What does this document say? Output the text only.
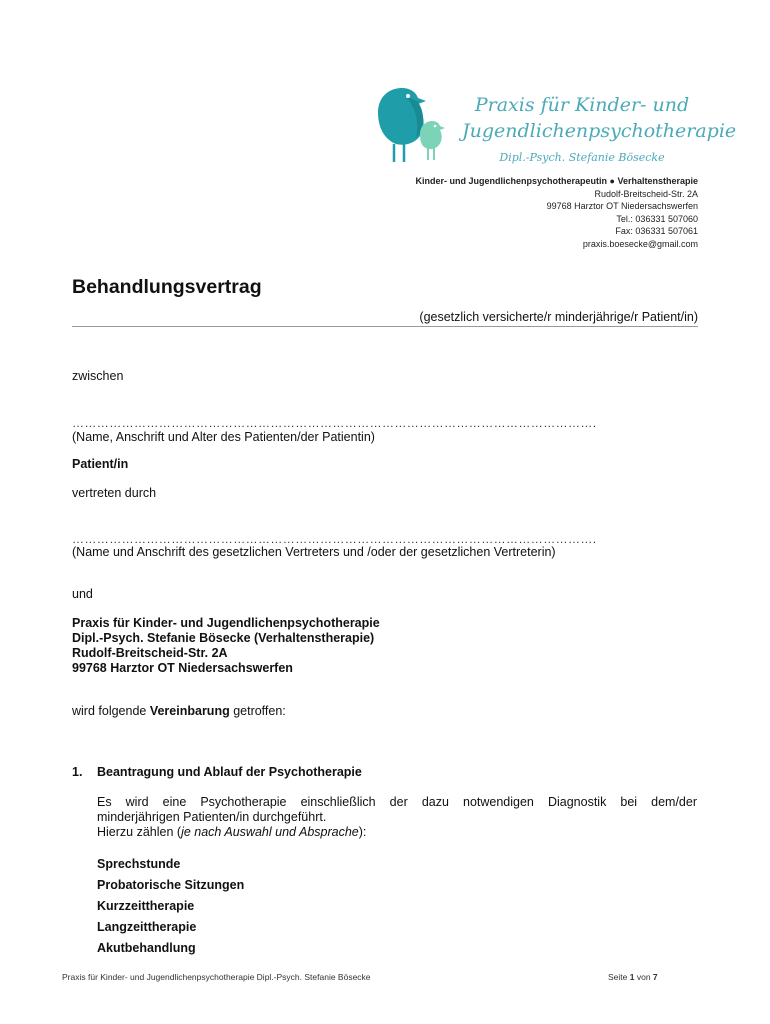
Praxis für Kinder- und
Jugendlichenpsychotherapie
Dipl.-Psych. Stefanie Bösecke
Kinder- und Jugendlichenpsychotherapeutin ● Verhaltenstherapie
Rudolf-Breitscheid-Str. 2A
99768 Harztor OT Niedersachswerfen
Tel.: 036331 507060
Fax: 036331 507061
praxis.boesecke@gmail.com
Behandlungsvertrag
(gesetzlich versicherte/r minderjährige/r Patient/in)
zwischen
……………………………………………………………………………………………………………….
(Name, Anschrift und Alter des Patienten/der Patientin)
Patient/in
vertreten durch
……………………………………………………………………………………………………………….
(Name und Anschrift des gesetzlichen Vertreters und /oder der gesetzlichen Vertreterin)
und
Praxis für Kinder- und Jugendlichenpsychotherapie
Dipl.-Psych. Stefanie Bösecke (Verhaltenstherapie)
Rudolf-Breitscheid-Str. 2A
99768 Harztor OT Niedersachswerfen
wird folgende Vereinbarung getroffen:
1. Beantragung und Ablauf der Psychotherapie
Es wird eine Psychotherapie einschließlich der dazu notwendigen Diagnostik bei dem/der
minderjährigen Patienten/in durchgeführt.
Hierzu zählen (je nach Auswahl und Absprache):
Sprechstunde
Probatorische Sitzungen
Kurzzeittherapie
Langzeittherapie
Akutbehandlung
Praxis für Kinder- und Jugendlichenpsychotherapie Dipl.-Psych. Stefanie Bösecke	Seite 1 von 7
